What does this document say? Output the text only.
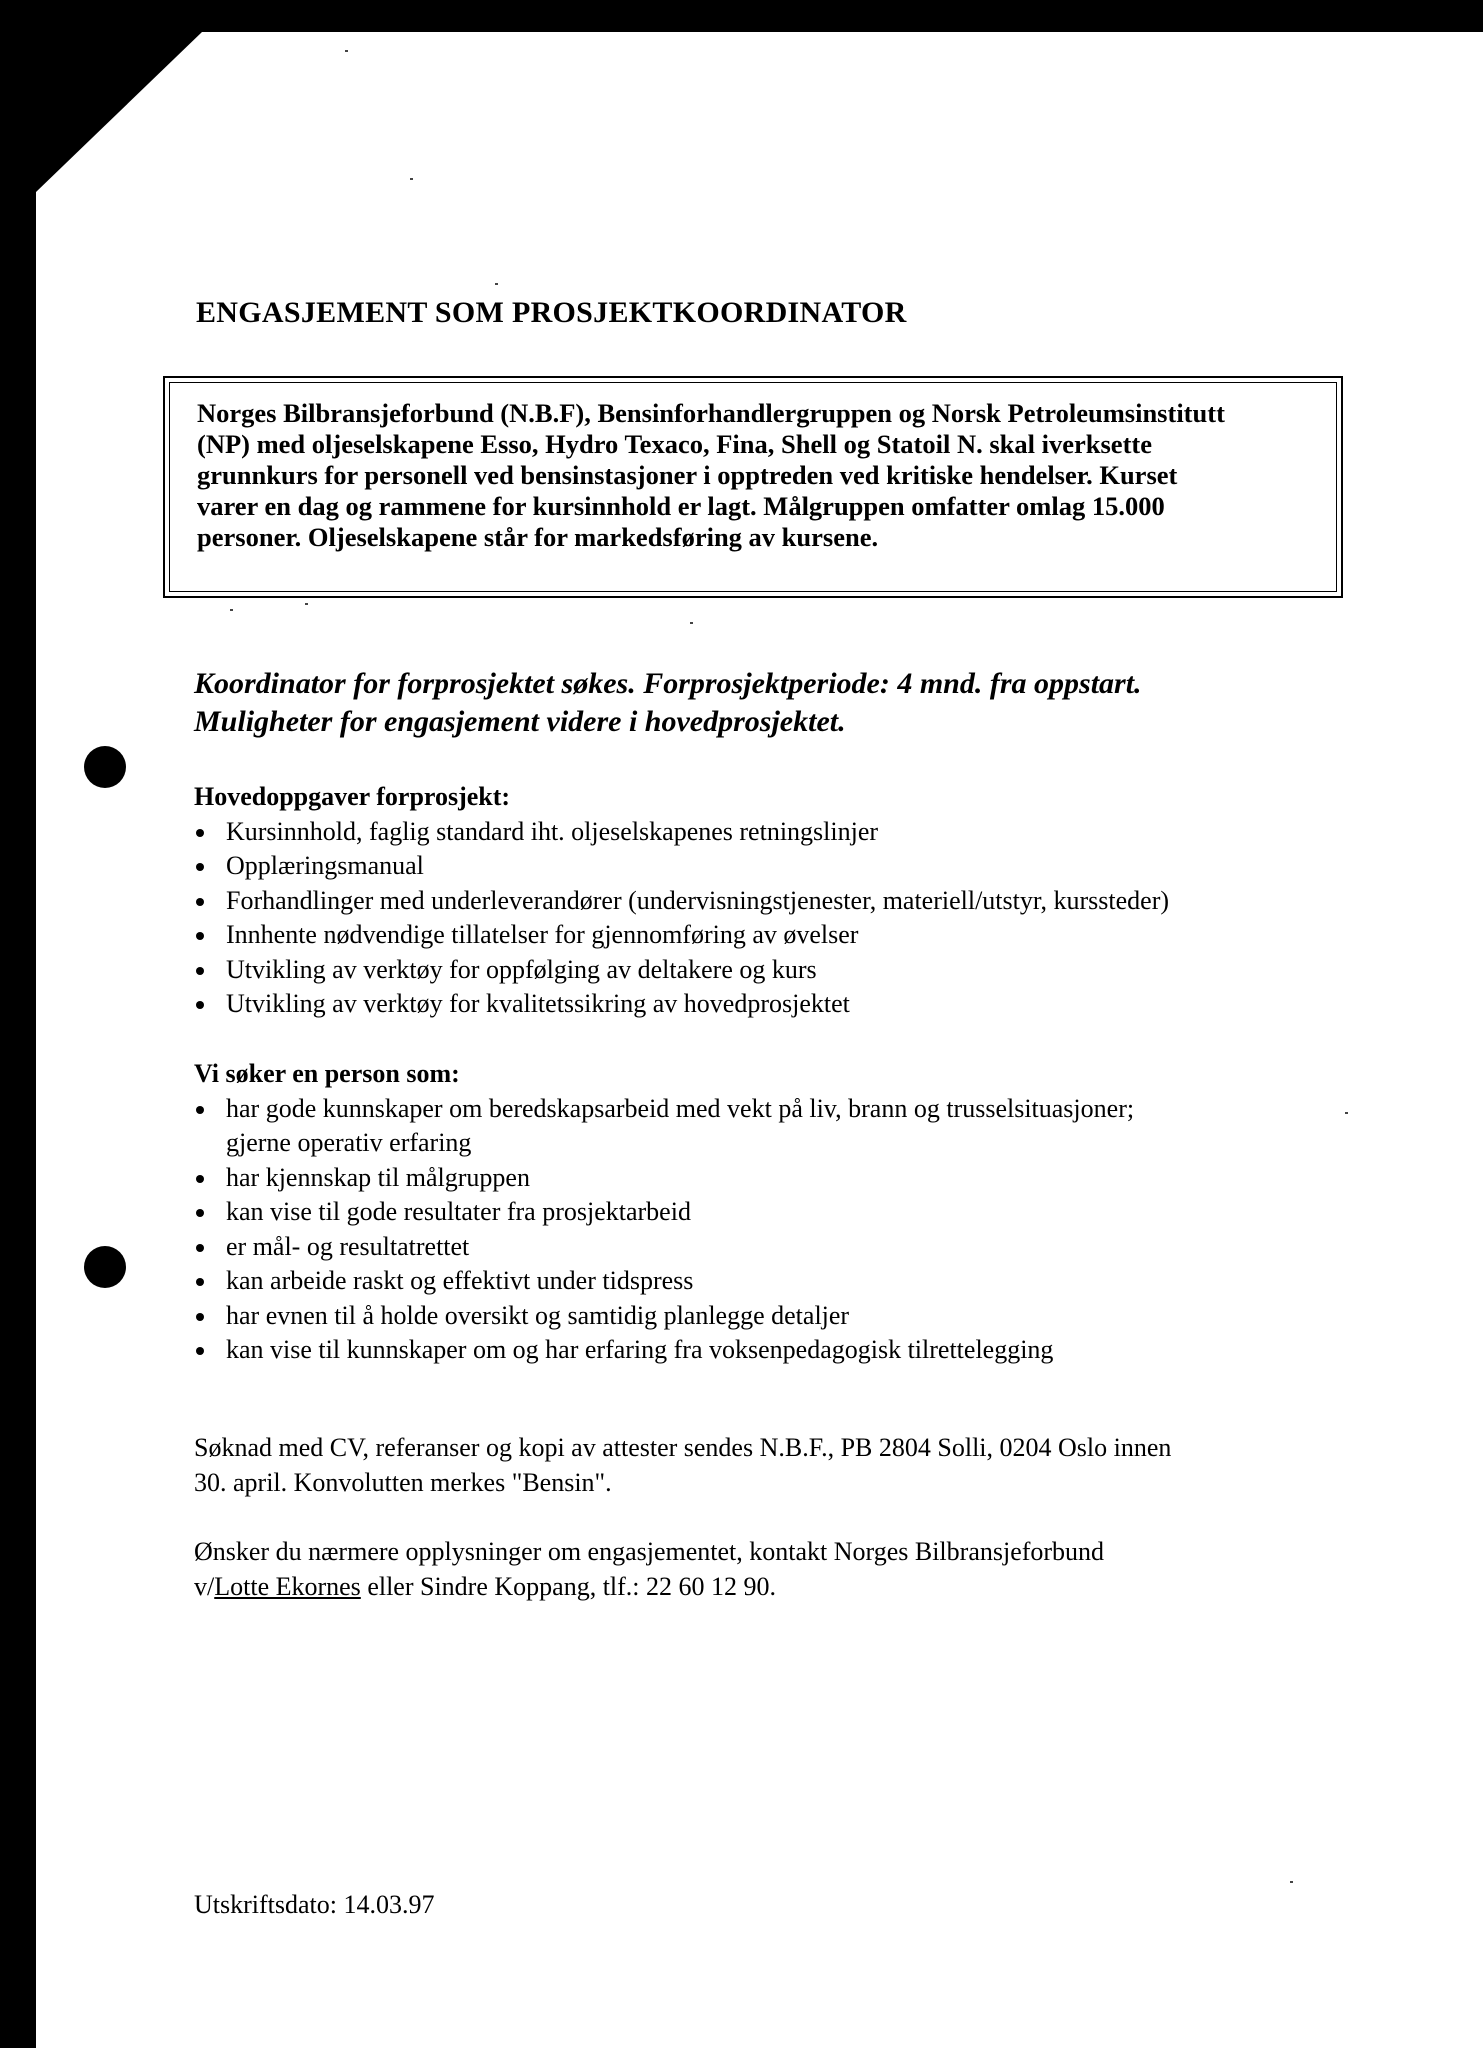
ENGASJEMENT SOM PROSJEKTKOORDINATOR
Norges Bilbransjeforbund (N.B.F), Bensinforhandlergruppen og Norsk Petroleumsinstitutt
(NP) med oljeselskapene Esso, Hydro Texaco, Fina, Shell og Statoil N. skal iverksette
grunnkurs for personell ved bensinstasjoner i opptreden ved kritiske hendelser. Kurset
varer en dag og rammene for kursinnhold er lagt. Målgruppen omfatter omlag 15.000
personer. Oljeselskapene står for markedsføring av kursene.
Koordinator for forprosjektet søkes. Forprosjektperiode: 4 mnd. fra oppstart.
Muligheter for engasjement videre i hovedprosjektet.
Hovedoppgaver forprosjekt:
Kursinnhold, faglig standard iht. oljeselskapenes retningslinjer
Opplæringsmanual
Forhandlinger med underleverandører (undervisningstjenester, materiell/utstyr, kurssteder)
Innhente nødvendige tillatelser for gjennomføring av øvelser
Utvikling av verktøy for oppfølging av deltakere og kurs
Utvikling av verktøy for kvalitetssikring av hovedprosjektet
Vi søker en person som:
har gode kunnskaper om beredskapsarbeid med vekt på liv, brann og trusselsituasjoner;
gjerne operativ erfaring
har kjennskap til målgruppen
kan vise til gode resultater fra prosjektarbeid
er mål- og resultatrettet
kan arbeide raskt og effektivt under tidspress
har evnen til å holde oversikt og samtidig planlegge detaljer
kan vise til kunnskaper om og har erfaring fra voksenpedagogisk tilrettelegging
Søknad med CV, referanser og kopi av attester sendes N.B.F., PB 2804 Solli, 0204 Oslo innen
30. april. Konvolutten merkes "Bensin".
Ønsker du nærmere opplysninger om engasjementet, kontakt Norges Bilbransjeforbund
v/Lotte Ekornes eller Sindre Koppang, tlf.: 22 60 12 90.
Utskriftsdato: 14.03.97
